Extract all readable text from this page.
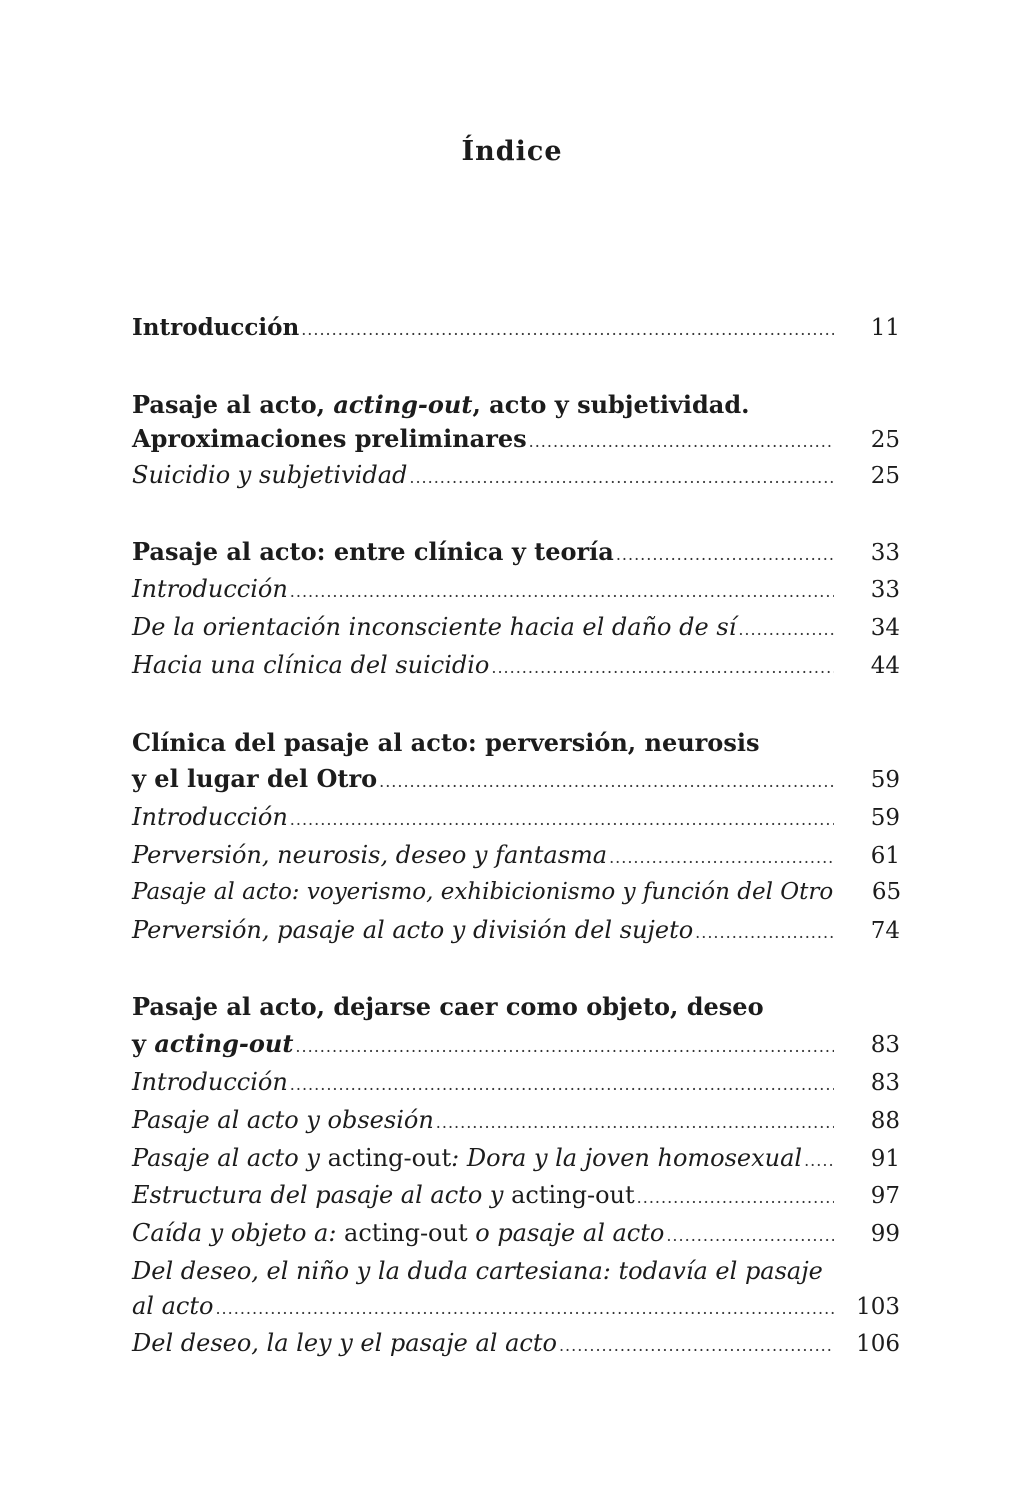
Índice
Introducción .....	11
Pasaje al acto, acting-out, acto y subjetividad.
Aproximaciones preliminares .....	25
Suicidio y subjetividad .....	25
Pasaje al acto: entre clínica y teoría .....	33
Introducción .....	33
De la orientación inconsciente hacia el daño de sí .....	34
Hacia una clínica del suicidio .....	44
Clínica del pasaje al acto: perversión, neurosis
y el lugar del Otro .....	59
Introducción .....	59
Perversión, neurosis, deseo y fantasma .....	61
Pasaje al acto: voyerismo, exhibicionismo y función del Otro	65
Perversión, pasaje al acto y división del sujeto .....	74
Pasaje al acto, dejarse caer como objeto, deseo
y acting-out .....	83
Introducción .....	83
Pasaje al acto y obsesión .....	88
Pasaje al acto y acting-out: Dora y la joven homosexual .....	91
Estructura del pasaje al acto y acting-out .....	97
Caída y objeto a: acting-out o pasaje al acto .....	99
Del deseo, el niño y la duda cartesiana: todavía el pasaje
al acto .....	103
Del deseo, la ley y el pasaje al acto .....	106
